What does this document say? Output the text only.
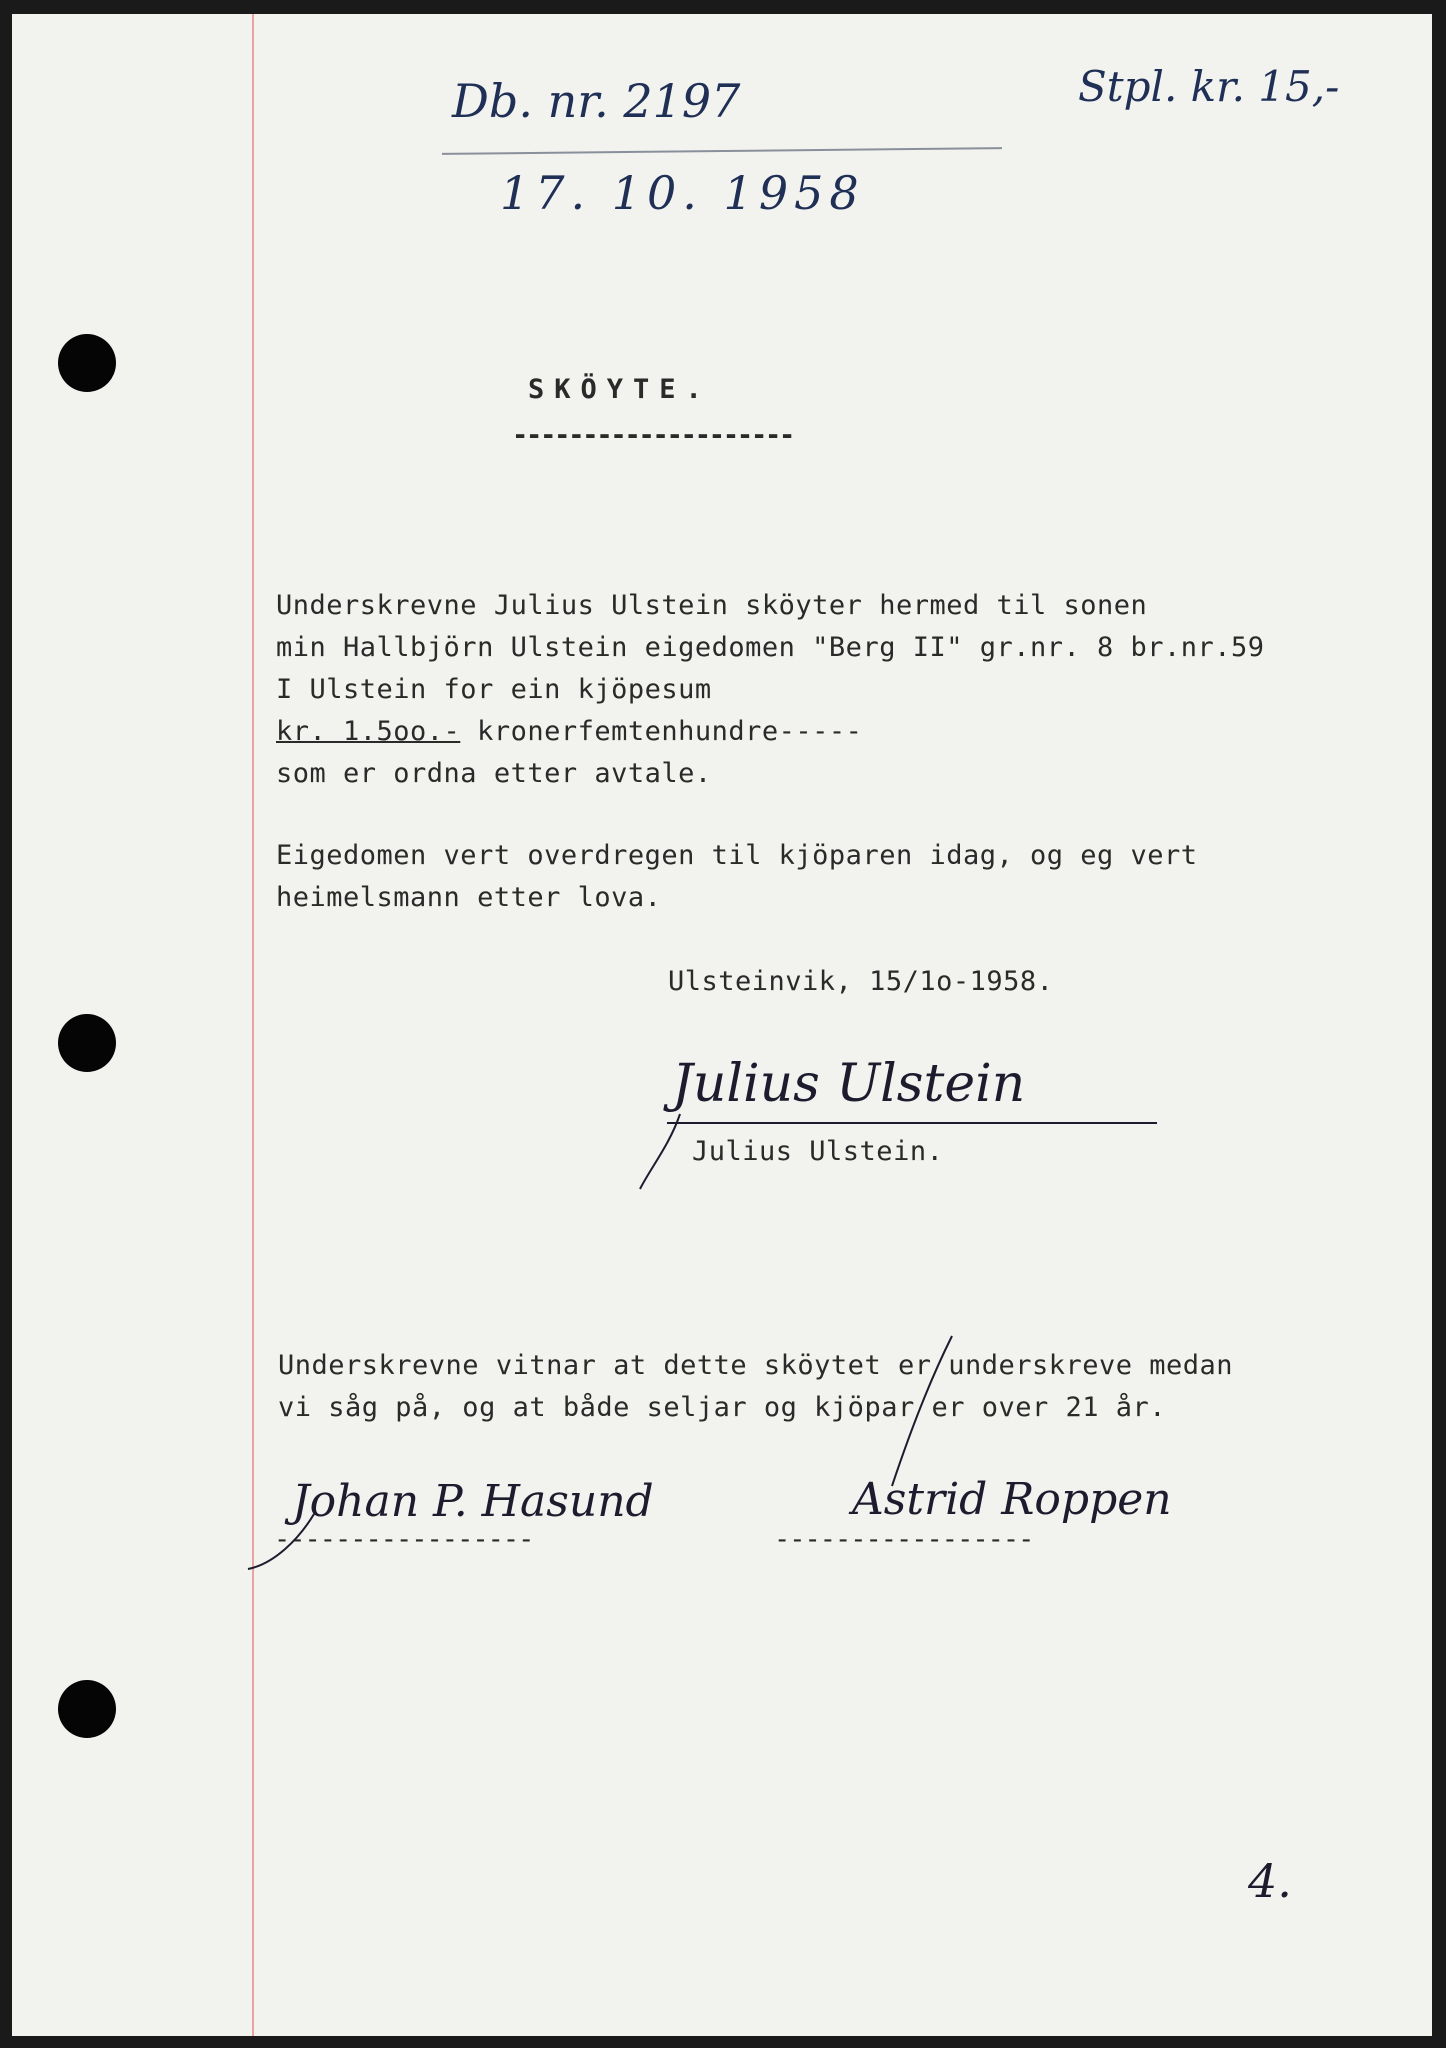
Db. nr. 2197
17. 10. 1958
Stpl. kr. 15,-
SKÖYTE.
--------------------
Underskrevne Julius Ulstein sköyter hermed til sonen
min Hallbjörn Ulstein eigedomen "Berg II" gr.nr. 8 br.nr.59
I Ulstein for ein kjöpesum
kr. 1.5oo.- kronerfemtenhundre-----
som er ordna etter avtale.
Eigedomen vert overdregen til kjöparen idag, og eg vert
heimelsmann etter lova.
Ulsteinvik, 15/1o-1958.
Julius Ulstein
Julius Ulstein.
Underskrevne vitnar at dette sköytet er underskreve medan
vi såg på, og at både seljar og kjöpar er over 21 år.
Johan P. Hasund
-----------------
Astrid Roppen
-----------------
4.
